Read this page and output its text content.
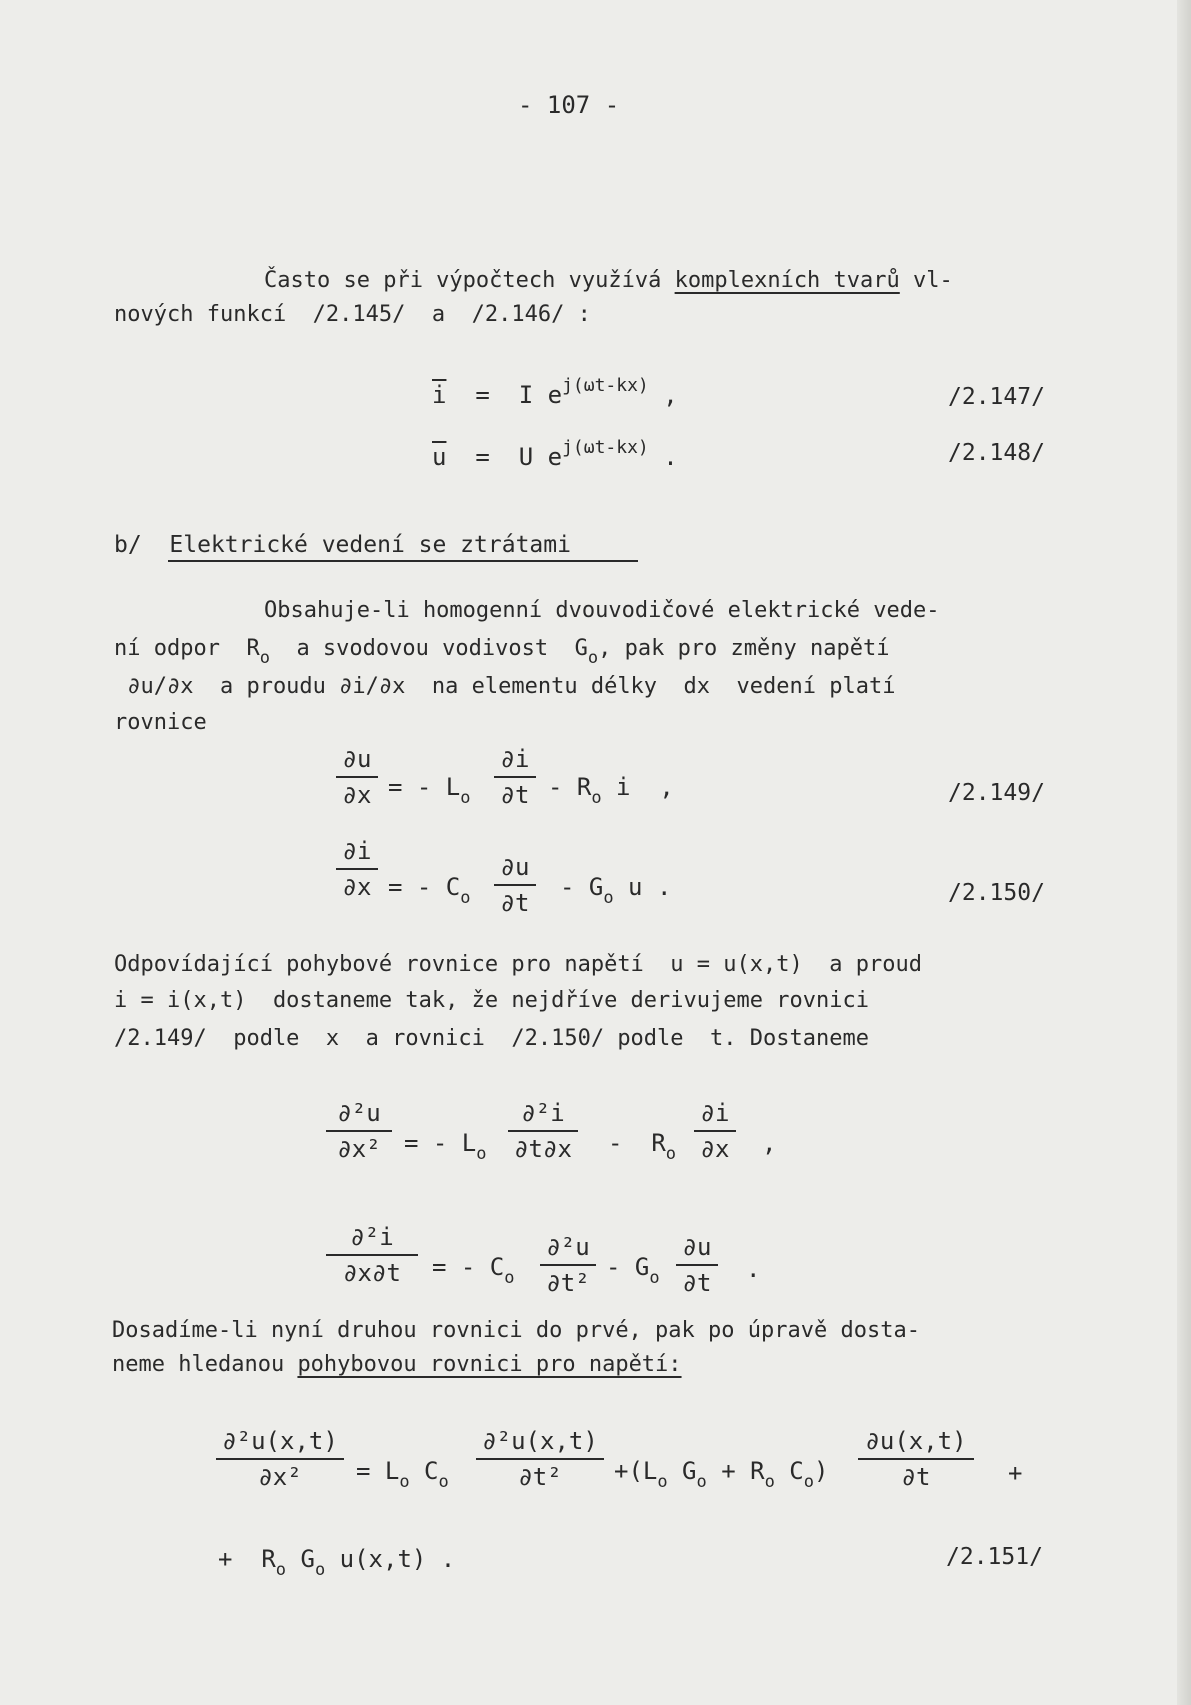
- 107 -
Často se při výpočtech využívá komplexních tvarů vl-
nových funkcí  /2.145/  a  /2.146/ :
$\overline{i} = I$ $e^{j(\omega t-kx)}$ ,	/2.147/
$\overline{u} = U$ $e^{j(\omega t-kx)}$ .	/2.148/
b/  Elektrické vedení se ztrátami
Obsahuje-li homogenní dvouvodičové elektrické vede-
ní odpor  $R_o$  a svodovou vodivost  $G_o$, pak pro změny napětí
∂u/∂x  a proudu ∂i/∂x  na elementu délky  dx  vedení platí
rovnice
∂u
∂x = - $L_o$
∂i
$\partial t - R_o$ i  ,	/2.149/
∂i
∂x = - $C_o$
∂u
∂t
- $G_o$ u .	/2.150/
Odpovídající pohybové rovnice pro napětí  u = u(x,t)  a proud
i = i(x,t)  dostaneme tak, že nejdříve derivujeme rovnici
/2.149/  podle  x  a rovnici  /2.150/ podle  t. Dostaneme
∂²u
∂x² = - $L_o$
∂²i
$\partial t\partial x - R_o$
∂i
∂x ,
∂²i
∂x∂t	= - $C_o$
∂²u
∂t²
- $G_o$
∂u
∂t .
Dosadíme-li nyní druhou rovnici do prvé, pak po úpravě dosta-
neme hledanou pohybovou rovnici pro napětí:
∂²u(x,t)
∂x²	= $L_o$ $C_o$
∂²u(x,t)
∂t²	$+(L_o$ $G_o + R_o$ $C_o$)
∂u(x,t)
∂t	+
+  $R_o$ $G_o$ u(x,t) .	/2.151/
